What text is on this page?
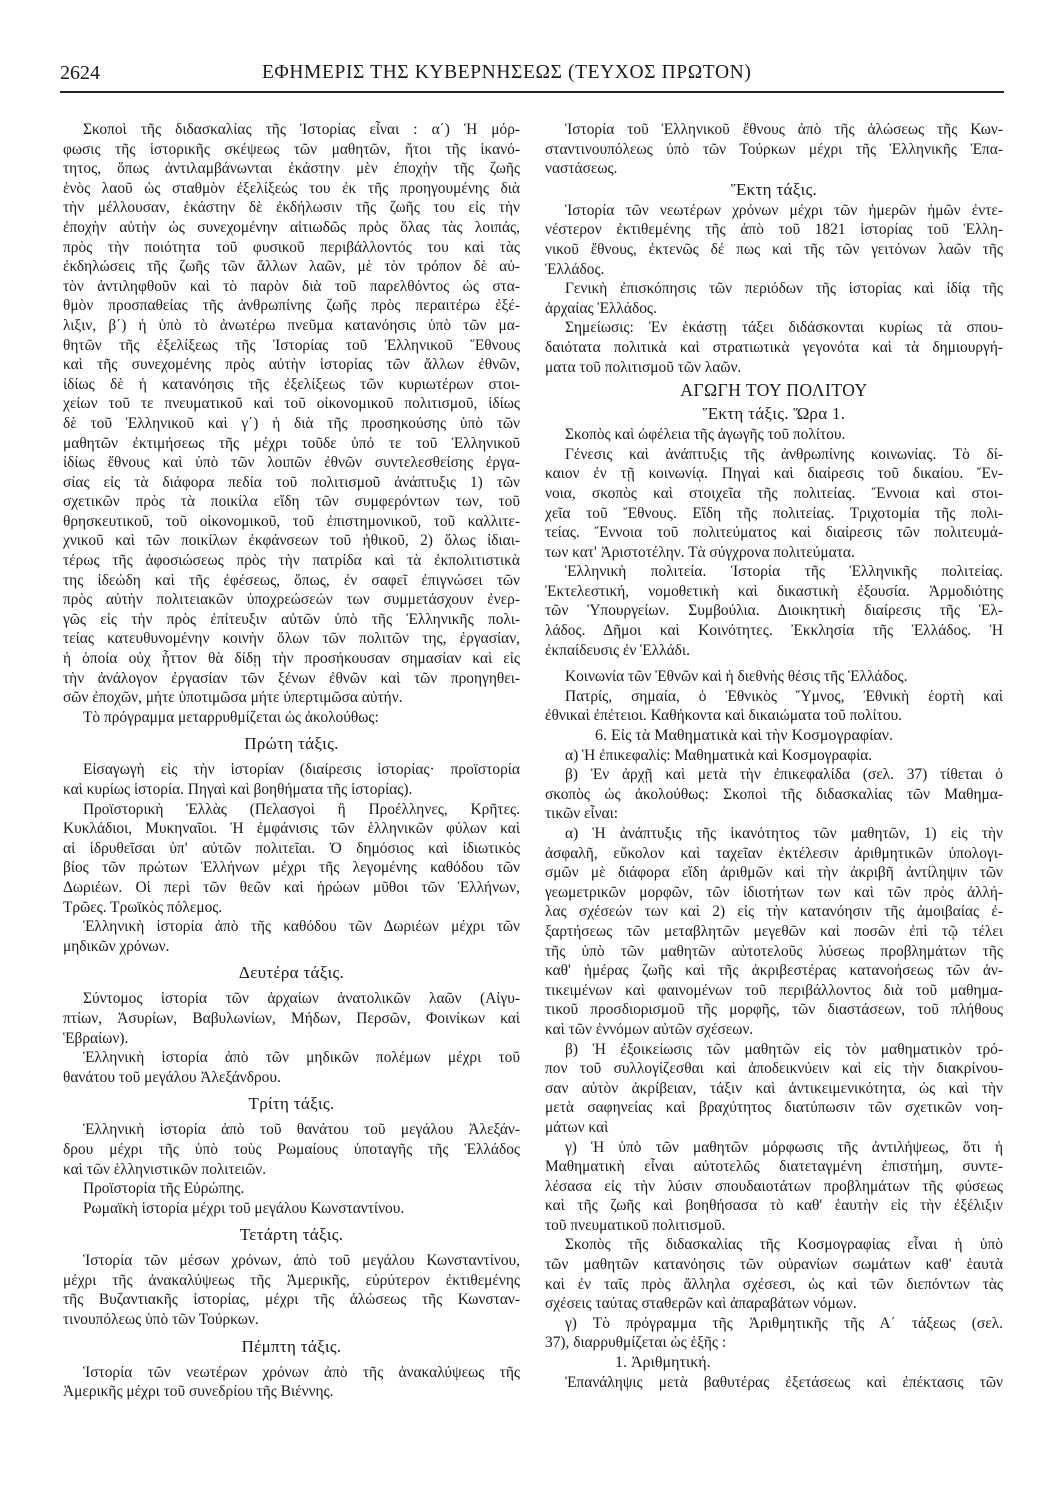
2624	ΕΦΗΜΕΡΙΣ ΤΗΣ ΚΥΒΕΡΝΗΣΕΩΣ (ΤΕΥΧΟΣ ΠΡΩΤΟΝ)
Σκοποὶ τῆς διδασκαλίας τῆς Ἱστορίας εἶναι : α΄) Ἡ μόρ-
φωσις τῆς ἱστορικῆς σκέψεως τῶν μαθητῶν, ἤτοι τῆς ἱκανό-
τητος, ὅπως ἀντιλαμβάνωνται ἑκάστην μὲν ἐποχὴν τῆς ζωῆς
ἑνὸς λαοῦ ὡς σταθμὸν ἐξελίξεώς του ἐκ τῆς προηγουμένης διὰ
τὴν μέλλουσαν, ἑκάστην δὲ ἐκδήλωσιν τῆς ζωῆς του εἰς τὴν
ἐποχὴν αὐτὴν ὡς συνεχομένην αἰτιωδῶς πρὸς ὅλας τὰς λοιπάς,
πρὸς τὴν ποιότητα τοῦ φυσικοῦ περιβάλλοντός του καὶ τὰς
ἐκδηλώσεις τῆς ζωῆς τῶν ἄλλων λαῶν, μὲ τὸν τρόπον δὲ αὐ-
τὸν ἀντιληφθοῦν καὶ τὸ παρὸν διὰ τοῦ παρελθόντος ὡς στα-
θμὸν προσπαθείας τῆς ἀνθρωπίνης ζωῆς πρὸς περαιτέρω ἐξέ-
λιξιν, β΄) ἡ ὑπὸ τὸ ἀνωτέρω πνεῦμα κατανόησις ὑπὸ τῶν μα-
θητῶν τῆς ἐξελίξεως τῆς Ἱστορίας τοῦ Ἑλληνικοῦ Ἔθνους
καὶ τῆς συνεχομένης πρὸς αὐτὴν ἱστορίας τῶν ἄλλων ἐθνῶν,
ἰδίως δὲ ἡ κατανόησις τῆς ἐξελίξεως τῶν κυριωτέρων στοι-
χείων τοῦ τε πνευματικοῦ καὶ τοῦ οἰκονομικοῦ πολιτισμοῦ, ἰδίως
δὲ τοῦ Ἑλληνικοῦ καὶ γ΄) ἡ διὰ τῆς προσηκούσης ὑπὸ τῶν
μαθητῶν ἐκτιμήσεως τῆς μέχρι τοῦδε ὑπό τε τοῦ Ἑλληνικοῦ
ἰδίως ἔθνους καὶ ὑπὸ τῶν λοιπῶν ἐθνῶν συντελεσθείσης ἐργα-
σίας εἰς τὰ διάφορα πεδία τοῦ πολιτισμοῦ ἀνάπτυξις 1) τῶν
σχετικῶν πρὸς τὰ ποικίλα εἴδη τῶν συμφερόντων των, τοῦ
θρησκευτικοῦ, τοῦ οἰκονομικοῦ, τοῦ ἐπιστημονικοῦ, τοῦ καλλιτε-
χνικοῦ καὶ τῶν ποικίλων ἐκφάνσεων τοῦ ἠθικοῦ, 2) ὅλως ἰδιαι-
τέρως τῆς ἀφοσιώσεως πρὸς τὴν πατρίδα καὶ τὰ ἐκπολιτιστικὰ
της ἰδεώδη καὶ τῆς ἐφέσεως, ὅπως, ἐν σαφεῖ ἐπιγνώσει τῶν
πρὸς αὐτὴν πολιτειακῶν ὑποχρεώσεών των συμμετάσχουν ἐνερ-
γῶς εἰς τὴν πρὸς ἐπίτευξιν αὐτῶν ὑπὸ τῆς Ἑλληνικῆς πολι-
τείας κατευθυνομένην κοινὴν ὅλων τῶν πολιτῶν της, ἐργασίαν,
ἡ ὁποία οὐχ ἧττον θὰ δίδῃ τὴν προσήκουσαν σημασίαν καὶ εἰς
τὴν ἀνάλογον ἐργασίαν τῶν ξένων ἐθνῶν καὶ τῶν προηγηθει-
σῶν ἐποχῶν, μήτε ὑποτιμῶσα μήτε ὑπερτιμῶσα αὐτήν.
Τὸ πρόγραμμα μεταρρυθμίζεται ὡς ἀκολούθως:
Πρώτη τάξις.
Εἰσαγωγὴ εἰς τὴν ἱστορίαν (διαίρεσις ἱστορίας· προϊστορία
καὶ κυρίως ἱστορία. Πηγαὶ καὶ βοηθήματα τῆς ἱστορίας).
Προϊστορικὴ Ἑλλὰς (Πελασγοὶ ἢ Προέλληνες, Κρῆτες.
Κυκλάδιοι, Μυκηναῖοι. Ἡ ἐμφάνισις τῶν ἑλληνικῶν φύλων καὶ
αἱ ἱδρυθεῖσαι ὑπ' αὐτῶν πολιτεῖαι. Ὁ δημόσιος καὶ ἰδιωτικὸς
βίος τῶν πρώτων Ἑλλήνων μέχρι τῆς λεγομένης καθόδου τῶν
Δωριέων. Οἱ περὶ τῶν θεῶν καὶ ἡρώων μῦθοι τῶν Ἑλλήνων,
Τρῶες. Τρωϊκὸς πόλεμος.
Ἑλληνικὴ ἱστορία ἀπὸ τῆς καθόδου τῶν Δωριέων μέχρι τῶν
μηδικῶν χρόνων.
Δευτέρα τάξις.
Σύντομος ἱστορία τῶν ἀρχαίων ἀνατολικῶν λαῶν (Αἰγυ-
πτίων, Ἀσυρίων, Βαβυλωνίων, Μήδων, Περσῶν, Φοινίκων καὶ
Ἑβραίων).
Ἑλληνικὴ ἱστορία ἀπὸ τῶν μηδικῶν πολέμων μέχρι τοῦ
θανάτου τοῦ μεγάλου Ἀλεξάνδρου.
Τρίτη τάξις.
Ἑλληνικὴ ἱστορία ἀπὸ τοῦ θανάτου τοῦ μεγάλου Ἀλεξάν-
δρου μέχρι τῆς ὑπὸ τοὺς Ρωμαίους ὑποταγῆς τῆς Ἑλλάδος
καὶ τῶν ἑλληνιστικῶν πολιτειῶν.
Προϊστορία τῆς Εὐρώπης.
Ρωμαϊκὴ ἱστορία μέχρι τοῦ μεγάλου Κωνσταντίνου.
Τετάρτη τάξις.
Ἱστορία τῶν μέσων χρόνων, ἀπὸ τοῦ μεγάλου Κωνσταντίνου,
μέχρι τῆς ἀνακαλύψεως τῆς Ἀμερικῆς, εὐρύτερον ἐκτιθεμένης
τῆς Βυζαντιακῆς ἱστορίας, μέχρι τῆς ἁλώσεως τῆς Κωνσταν-
τινουπόλεως ὑπὸ τῶν Τούρκων.
Πέμπτη τάξις.
Ἱστορία τῶν νεωτέρων χρόνων ἀπὸ τῆς ἀνακαλύψεως τῆς
Ἀμερικῆς μέχρι τοῦ συνεδρίου τῆς Βιέννης.
Ἱστορία τοῦ Ἑλληνικοῦ ἔθνους ἀπὸ τῆς ἁλώσεως τῆς Κων-
σταντινουπόλεως ὑπὸ τῶν Τούρκων μέχρι τῆς Ἑλληνικῆς Ἐπα-
ναστάσεως.
Ἕκτη τάξις.
Ἱστορία τῶν νεωτέρων χρόνων μέχρι τῶν ἡμερῶν ἡμῶν ἐντε-
νέστερον ἐκτιθεμένης τῆς ἀπὸ τοῦ 1821 ἱστορίας τοῦ Ἑλλη-
νικοῦ ἔθνους, ἐκτενῶς δέ πως καὶ τῆς τῶν γειτόνων λαῶν τῆς
Ἑλλάδος.
Γενικὴ ἐπισκόπησις τῶν περιόδων τῆς ἱστορίας καὶ ἰδίᾳ τῆς
ἀρχαίας Ἑλλάδος.
Σημείωσις: Ἐν ἑκάστῃ τάξει διδάσκονται κυρίως τὰ σπου-
δαιότατα πολιτικὰ καὶ στρατιωτικὰ γεγονότα καὶ τὰ δημιουργή-
ματα τοῦ πολιτισμοῦ τῶν λαῶν.
ΑΓΩΓΗ ΤΟΥ ΠΟΛΙΤΟΥ
Ἕκτη τάξις. Ὥρα 1.
Σκοπὸς καὶ ὠφέλεια τῆς ἀγωγῆς τοῦ πολίτου.
Γένεσις καὶ ἀνάπτυξις τῆς ἀνθρωπίνης κοινωνίας. Τὸ δί-
καιον ἐν τῇ κοινωνίᾳ. Πηγαὶ καὶ διαίρεσις τοῦ δικαίου. Ἔν-
νοια, σκοπὸς καὶ στοιχεῖα τῆς πολιτείας. Ἔννοια καὶ στοι-
χεῖα τοῦ Ἔθνους. Εἴδη τῆς πολιτείας. Τριχοτομία τῆς πολι-
τείας. Ἔννοια τοῦ πολιτεύματος καὶ διαίρεσις τῶν πολιτευμά-
των κατ' Ἀριστοτέλην. Τὰ σύγχρονα πολιτεύματα.
Ἑλληνικὴ πολιτεία. Ἱστορία τῆς Ἑλληνικῆς πολιτείας.
Ἐκτελεστική, νομοθετικὴ καὶ δικαστικὴ ἐξουσία. Ἁρμοδιότης
τῶν Ὑπουργείων. Συμβούλια. Διοικητικὴ διαίρεσις τῆς Ἑλ-
λάδος. Δῆμοι καὶ Κοινότητες. Ἐκκλησία τῆς Ἑλλάδος. Ἡ
ἐκπαίδευσις ἐν Ἑλλάδι.
Κοινωνία τῶν Ἐθνῶν καὶ ἡ διεθνὴς θέσις τῆς Ἑλλάδος.
Πατρίς, σημαία, ὁ Ἐθνικὸς Ὕμνος, Ἐθνικὴ ἑορτὴ καὶ
ἐθνικαὶ ἐπέτειοι. Καθήκοντα καὶ δικαιώματα τοῦ πολίτου.
6. Εἰς τὰ Μαθηματικὰ καὶ τὴν Κοσμογραφίαν.
α) Ἡ ἐπικεφαλίς: Μαθηματικὰ καὶ Κοσμογραφία.
β) Ἐν ἀρχῇ καὶ μετὰ τὴν ἐπικεφαλίδα (σελ. 37) τίθεται ὁ
σκοπὸς ὡς ἀκολούθως: Σκοποὶ τῆς διδασκαλίας τῶν Μαθημα-
τικῶν εἶναι:
α) Ἡ ἀνάπτυξις τῆς ἱκανότητος τῶν μαθητῶν, 1) εἰς τὴν
ἀσφαλῆ, εὔκολον καὶ ταχεῖαν ἐκτέλεσιν ἀριθμητικῶν ὑπολογι-
σμῶν μὲ διάφορα εἴδη ἀριθμῶν καὶ τὴν ἀκριβῆ ἀντίληψιν τῶν
γεωμετρικῶν μορφῶν, τῶν ἰδιοτήτων των καὶ τῶν πρὸς ἀλλή-
λας σχέσεών των καὶ 2) εἰς τὴν κατανόησιν τῆς ἀμοιβαίας ἐ-
ξαρτήσεως τῶν μεταβλητῶν μεγεθῶν καὶ ποσῶν ἐπὶ τῷ τέλει
τῆς ὑπὸ τῶν μαθητῶν αὐτοτελοῦς λύσεως προβλημάτων τῆς
καθ' ἡμέρας ζωῆς καὶ τῆς ἀκριβεστέρας κατανοήσεως τῶν ἀν-
τικειμένων καὶ φαινομένων τοῦ περιβάλλοντος διὰ τοῦ μαθημα-
τικοῦ προσδιορισμοῦ τῆς μορφῆς, τῶν διαστάσεων, τοῦ πλήθους
καὶ τῶν ἐννόμων αὐτῶν σχέσεων.
β) Ἡ ἐξοικείωσις τῶν μαθητῶν εἰς τὸν μαθηματικὸν τρό-
πον τοῦ συλλογίζεσθαι καὶ ἀποδεικνύειν καὶ εἰς τὴν διακρίνου-
σαν αὐτὸν ἀκρίβειαν, τάξιν καὶ ἀντικειμενικότητα, ὡς καὶ τὴν
μετὰ σαφηνείας καὶ βραχύτητος διατύπωσιν τῶν σχετικῶν νοη-
μάτων καὶ
γ) Ἡ ὑπὸ τῶν μαθητῶν μόρφωσις τῆς ἀντιλήψεως, ὅτι ἡ
Μαθηματικὴ εἶναι αὐτοτελῶς διατεταγμένη ἐπιστήμη, συντε-
λέσασα εἰς τὴν λύσιν σπουδαιοτάτων προβλημάτων τῆς φύσεως
καὶ τῆς ζωῆς καὶ βοηθήσασα τὸ καθ' ἑαυτὴν εἰς τὴν ἐξέλιξιν
τοῦ πνευματικοῦ πολιτισμοῦ.
Σκοπὸς τῆς διδασκαλίας τῆς Κοσμογραφίας εἶναι ἡ ὑπὸ
τῶν μαθητῶν κατανόησις τῶν οὐρανίων σωμάτων καθ' ἑαυτὰ
καὶ ἐν ταῖς πρὸς ἄλληλα σχέσεσι, ὡς καὶ τῶν διεπόντων τὰς
σχέσεις ταύτας σταθερῶν καὶ ἀπαραβάτων νόμων.
γ) Τὸ πρόγραμμα τῆς Ἀριθμητικῆς τῆς Α΄ τάξεως (σελ.
37), διαρρυθμίζεται ὡς ἑξῆς :
1. Ἀριθμητική.
Ἐπανάληψις μετὰ βαθυτέρας ἐξετάσεως καὶ ἐπέκτασις τῶν
